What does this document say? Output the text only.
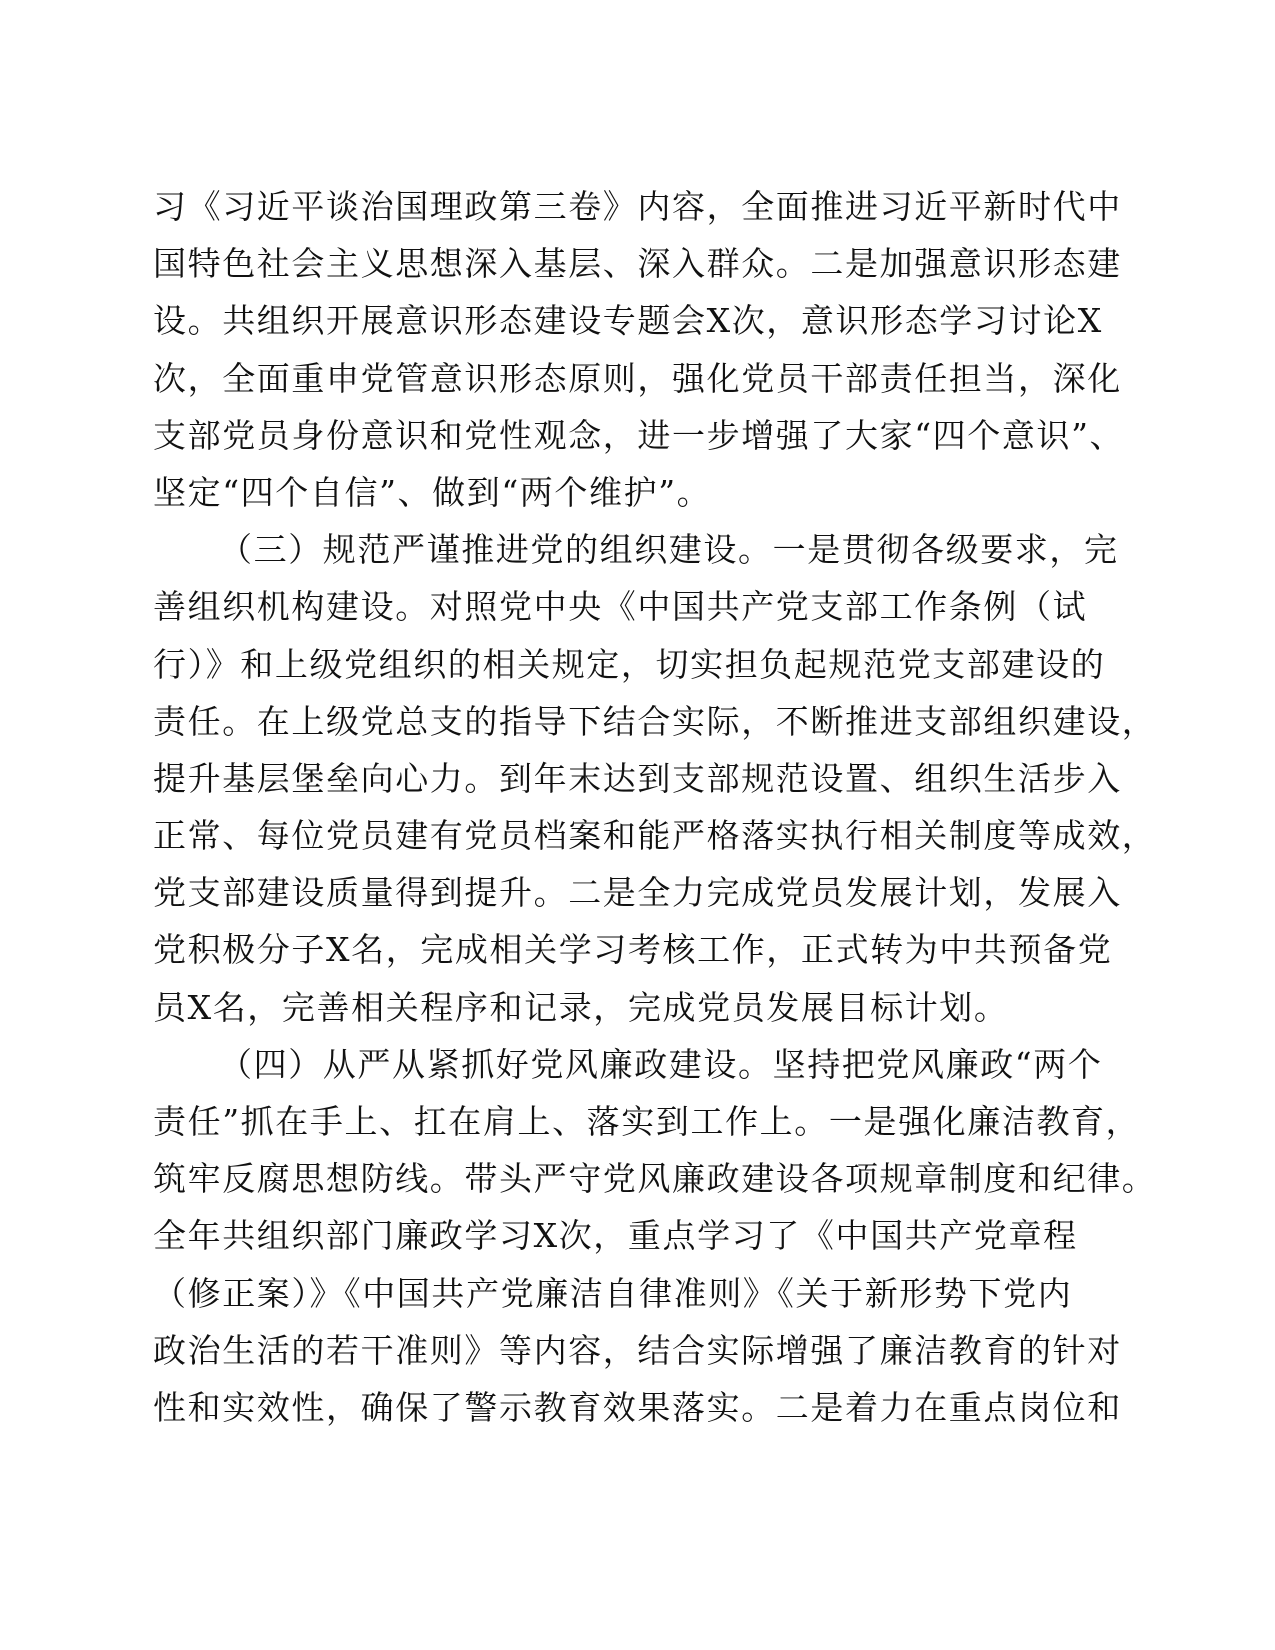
习《习近平谈治国理政第三卷》内容，全面推进习近平新时代中
国特色社会主义思想深入基层、深入群众。二是加强意识形态建
设。共组织开展意识形态建设专题会X次，意识形态学习讨论X
次，全面重申党管意识形态原则，强化党员干部责任担当，深化
支部党员身份意识和党性观念，进一步增强了大家“四个意识”、
坚定“四个自信”、做到“两个维护”。
（三）规范严谨推进党的组织建设。一是贯彻各级要求，完
善组织机构建设。对照党中央《中国共产党支部工作条例（试
行）》和上级党组织的相关规定，切实担负起规范党支部建设的
责任。在上级党总支的指导下结合实际，不断推进支部组织建设，
提升基层堡垒向心力。到年末达到支部规范设置、组织生活步入
正常、每位党员建有党员档案和能严格落实执行相关制度等成效，
党支部建设质量得到提升。二是全力完成党员发展计划，发展入
党积极分子X名，完成相关学习考核工作，正式转为中共预备党
员X名，完善相关程序和记录，完成党员发展目标计划。
（四）从严从紧抓好党风廉政建设。坚持把党风廉政“两个
责任”抓在手上、扛在肩上、落实到工作上。一是强化廉洁教育，
筑牢反腐思想防线。带头严守党风廉政建设各项规章制度和纪律。
全年共组织部门廉政学习X次，重点学习了《中国共产党章程
（修正案）》《中国共产党廉洁自律准则》《关于新形势下党内
政治生活的若干准则》等内容，结合实际增强了廉洁教育的针对
性和实效性，确保了警示教育效果落实。二是着力在重点岗位和
